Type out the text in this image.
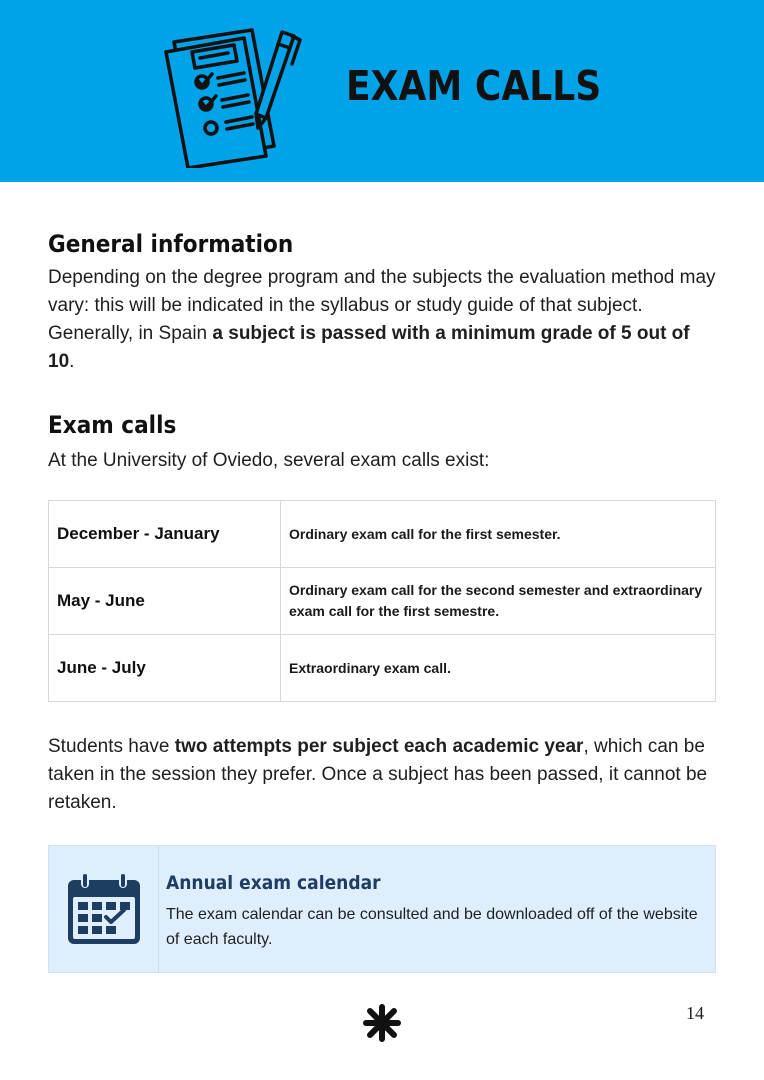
EXAM CALLS
General information

Depending on the degree program and the subjects the evaluation method may vary: this will be indicated in the syllabus or study guide of that subject. Generally, in Spain a subject is passed with a minimum grade of 5 out of 10.

Exam calls

At the University of Oviedo, several exam calls exist:

December - January	Ordinary exam call for the first semester.
May - June	Ordinary exam call for the second semester and extraordinary exam call for the first semestre.
June - July	Extraordinary exam call.

Students have two attempts per subject each academic year, which can be taken in the session they prefer. Once a subject has been passed, it cannot be retaken.

Annual exam calendar
The exam calendar can be consulted and be downloaded off of the website of each faculty.
14
